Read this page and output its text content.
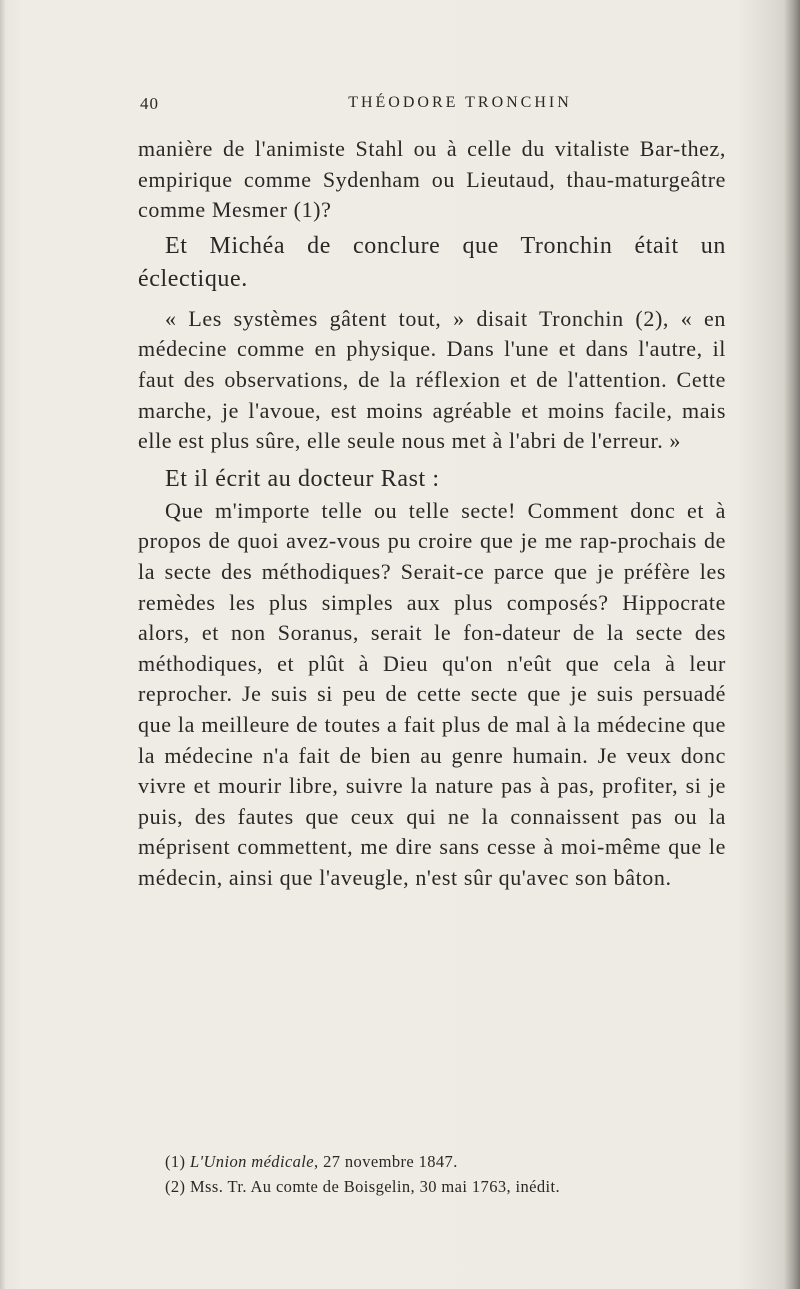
40	THÉODORE TRONCHIN

manière de l'animiste Stahl ou à celle du vitaliste Bar-thez, empirique comme Sydenham ou Lieutaud, thau-maturgeâtre comme Mesmer (1)?

Et Michéa de conclure que Tronchin était un éclectique.

« Les systèmes gâtent tout, » disait Tronchin (2), « en médecine comme en physique. Dans l'une et dans l'autre, il faut des observations, de la réflexion et de l'attention. Cette marche, je l'avoue, est moins agréable et moins facile, mais elle est plus sûre, elle seule nous met à l'abri de l'erreur. »

Et il écrit au docteur Rast :

Que m'importe telle ou telle secte! Comment donc et à propos de quoi avez-vous pu croire que je me rap-prochais de la secte des méthodiques? Serait-ce parce que je préfère les remèdes les plus simples aux plus composés? Hippocrate alors, et non Soranus, serait le fon-dateur de la secte des méthodiques, et plût à Dieu qu'on n'eût que cela à leur reprocher. Je suis si peu de cette secte que je suis persuadé que la meilleure de toutes a fait plus de mal à la médecine que la médecine n'a fait de bien au genre humain. Je veux donc vivre et mourir libre, suivre la nature pas à pas, profiter, si je puis, des fautes que ceux qui ne la connaissent pas ou la méprisent commettent, me dire sans cesse à moi-même que le médecin, ainsi que l'aveugle, n'est sûr qu'avec son bâton.

(1) L'Union médicale, 27 novembre 1847.

(2) Mss. Tr. Au comte de Boisgelin, 30 mai 1763, inédit.
